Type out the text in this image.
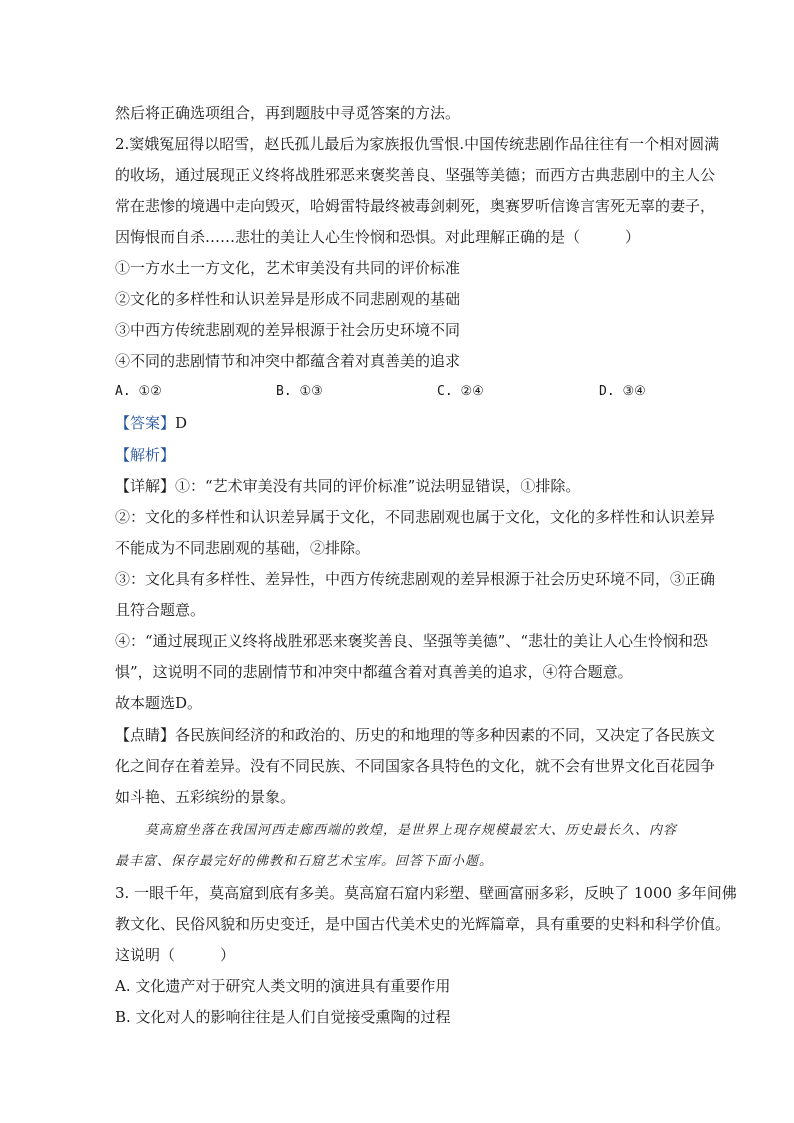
然后将正确选项组合，再到题肢中寻觅答案的方法。
2.窦娥冤屈得以昭雪，赵氏孤儿最后为家族报仇雪恨.中国传统悲剧作品往往有一个相对圆满
的收场，通过展现正义终将战胜邪恶来褒奖善良、坚强等美德；而西方古典悲剧中的主人公
常在悲惨的境遇中走向毁灭，哈姆雷特最终被毒剑刺死，奥赛罗听信谗言害死无辜的妻子，
因悔恨而自杀……悲壮的美让人心生怜悯和恐惧。对此理解正确的是（　　　）
①一方水土一方文化，艺术审美没有共同的评价标准
②文化的多样性和认识差异是形成不同悲剧观的基础
③中西方传统悲剧观的差异根源于社会历史环境不同
④不同的悲剧情节和冲突中都蕴含着对真善美的追求
A. ①②	B. ①③	C. ②④	D. ③④
【答案】D
【解析】
【详解】①：“艺术审美没有共同的评价标准”说法明显错误，①排除。
②：文化的多样性和认识差异属于文化，不同悲剧观也属于文化，文化的多样性和认识差异
不能成为不同悲剧观的基础，②排除。
③：文化具有多样性、差异性，中西方传统悲剧观的差异根源于社会历史环境不同，③正确
且符合题意。
④：“通过展现正义终将战胜邪恶来褒奖善良、坚强等美德”、“悲壮的美让人心生怜悯和恐
惧”，这说明不同的悲剧情节和冲突中都蕴含着对真善美的追求，④符合题意。
故本题选D。
【点睛】各民族间经济的和政治的、历史的和地理的等多种因素的不同，又决定了各民族文
化之间存在着差异。没有不同民族、不同国家各具特色的文化，就不会有世界文化百花园争
如斗艳、五彩缤纷的景象。
莫高窟坐落在我国河西走廊西端的敦煌，是世界上现存规模最宏大、历史最长久、内容
最丰富、保存最完好的佛教和石窟艺术宝库。回答下面小题。
3. 一眼千年，莫高窟到底有多美。莫高窟石窟内彩塑、壁画富丽多彩，反映了 1000 多年间佛
教文化、民俗风貌和历史变迁，是中国古代美术史的光辉篇章，具有重要的史料和科学价值。
这说明（　　　）
A. 文化遗产对于研究人类文明的演进具有重要作用
B. 文化对人的影响往往是人们自觉接受熏陶的过程
